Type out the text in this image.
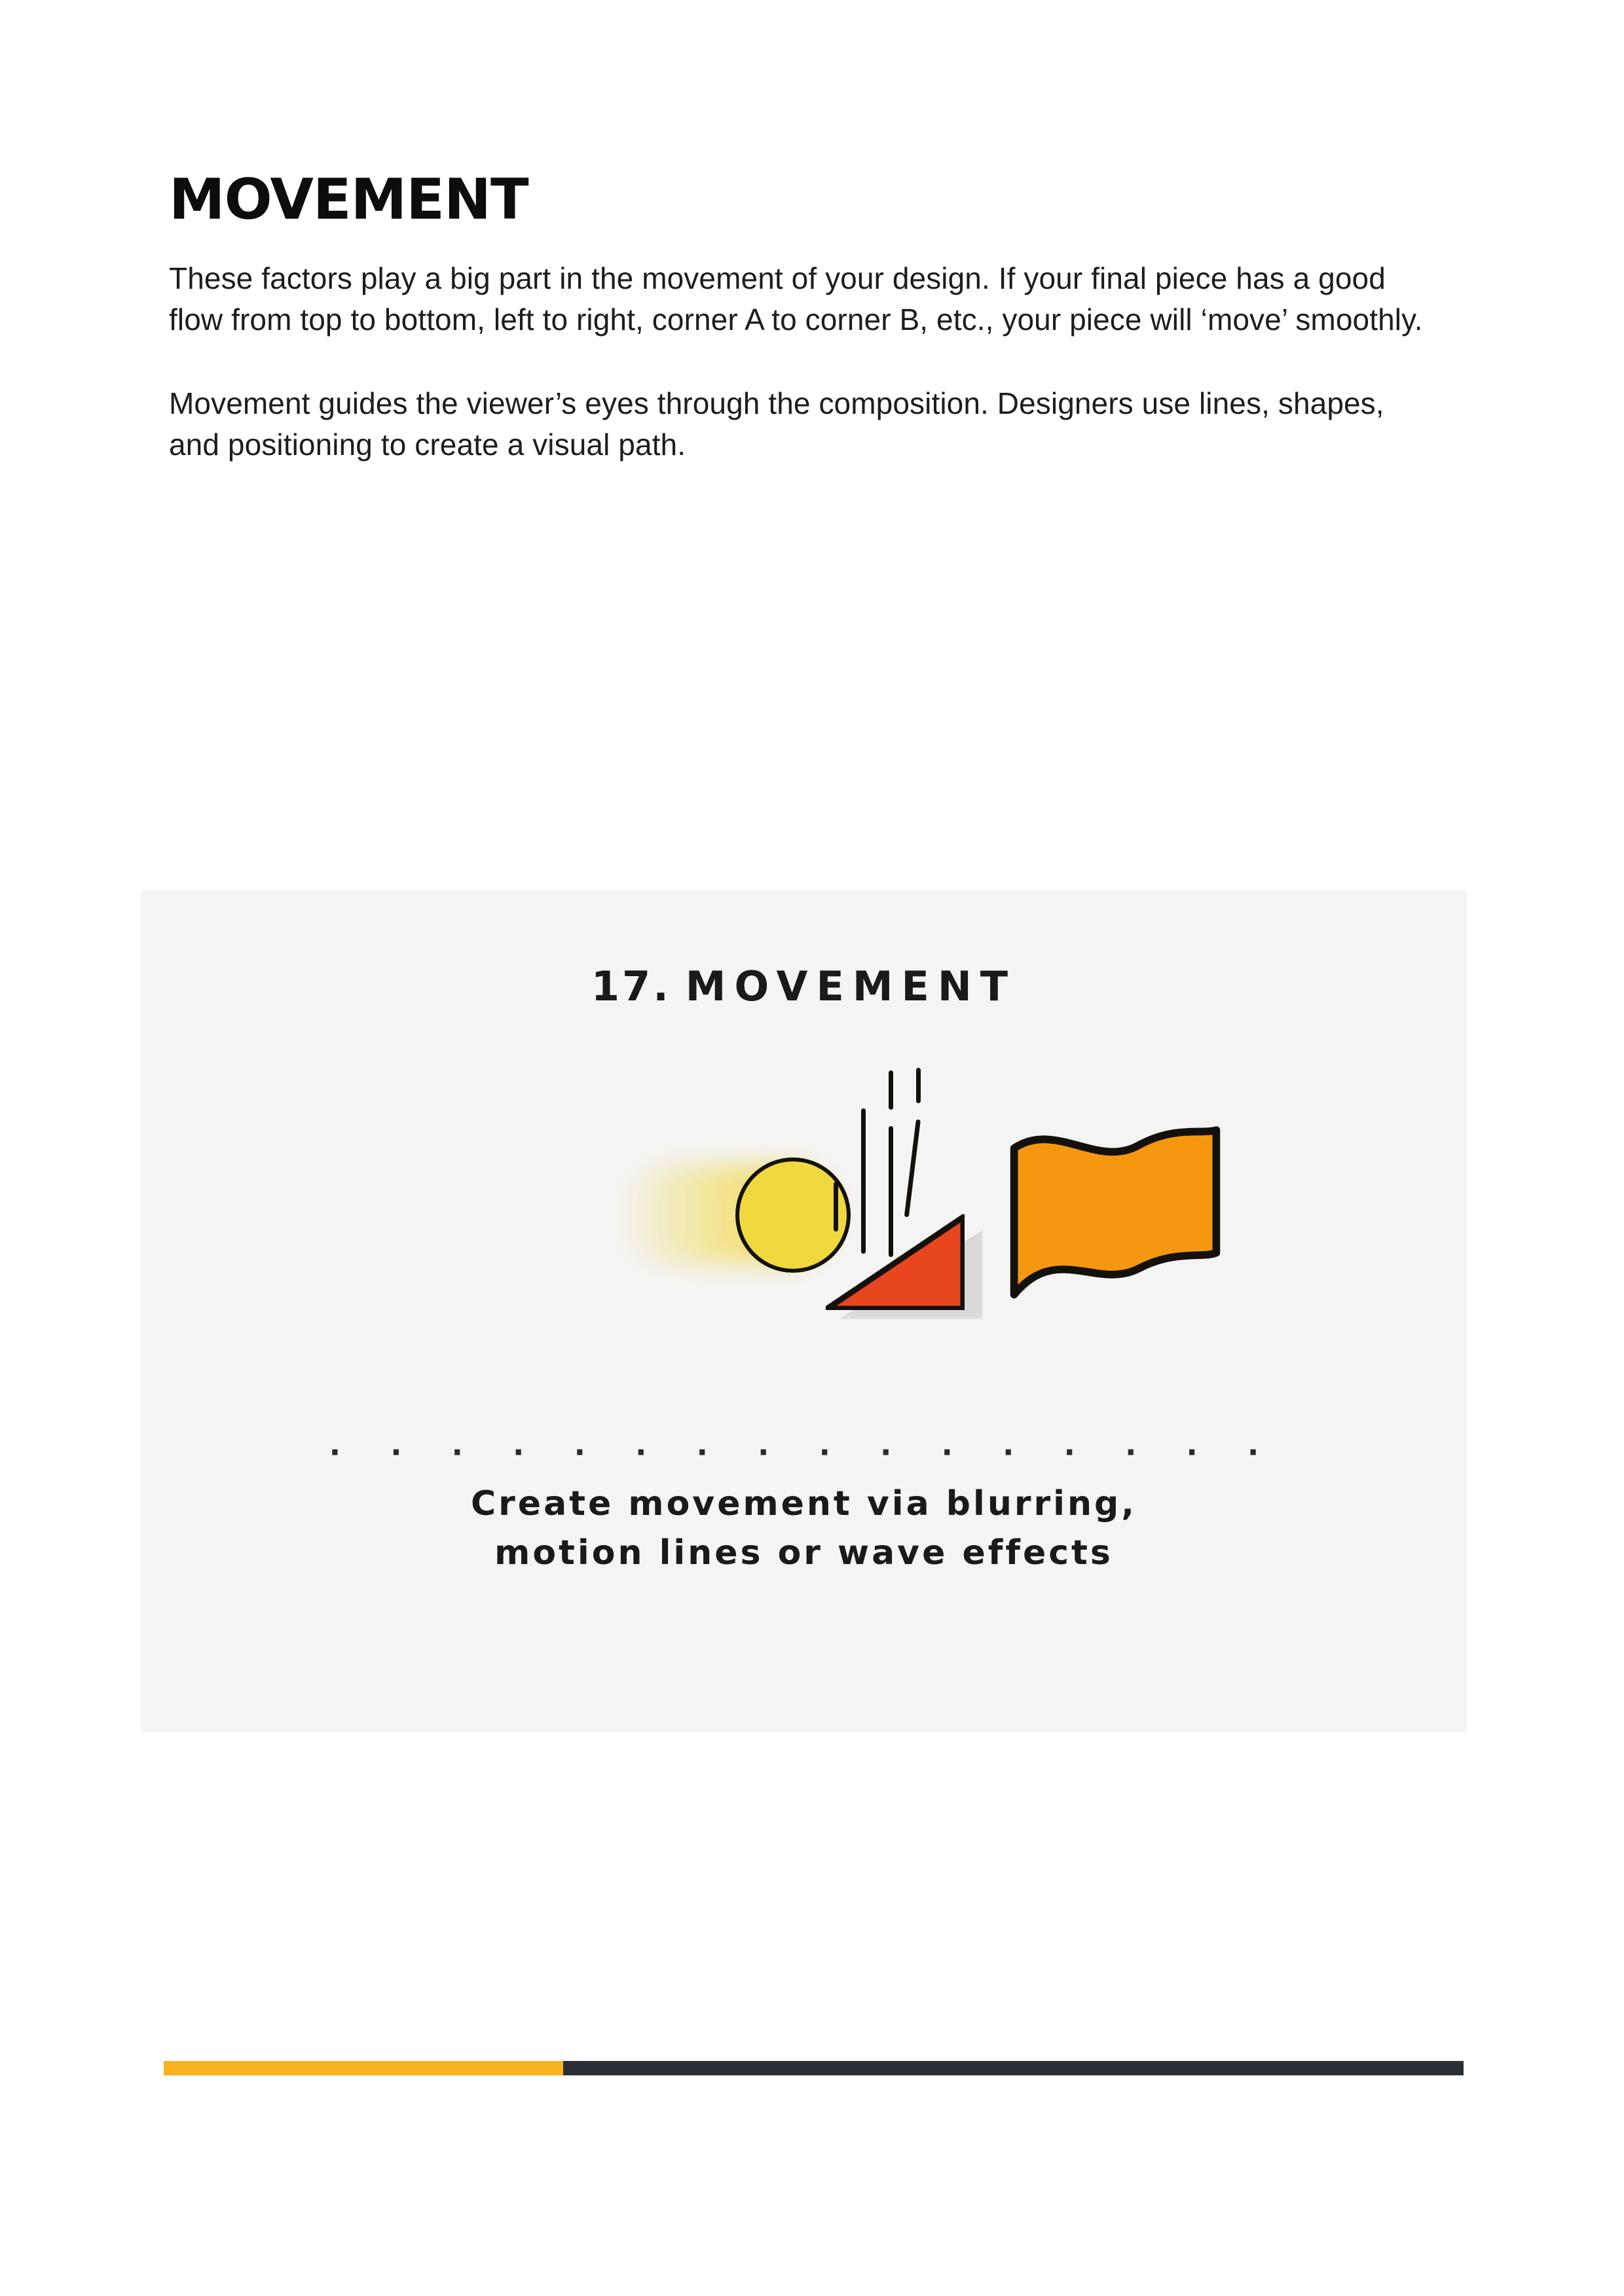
MOVEMENT

These factors play a big part in the movement of your design. If your final piece has a good flow from top to bottom, left to right, corner A to corner B, etc., your piece will ‘move’ smoothly.

Movement guides the viewer’s eyes through the composition. Designers use lines, shapes, and positioning to create a visual path.

17. MOVEMENT
· · · · · · · · · · · · · · · ·
Create movement via blurring,
motion lines or wave effects
